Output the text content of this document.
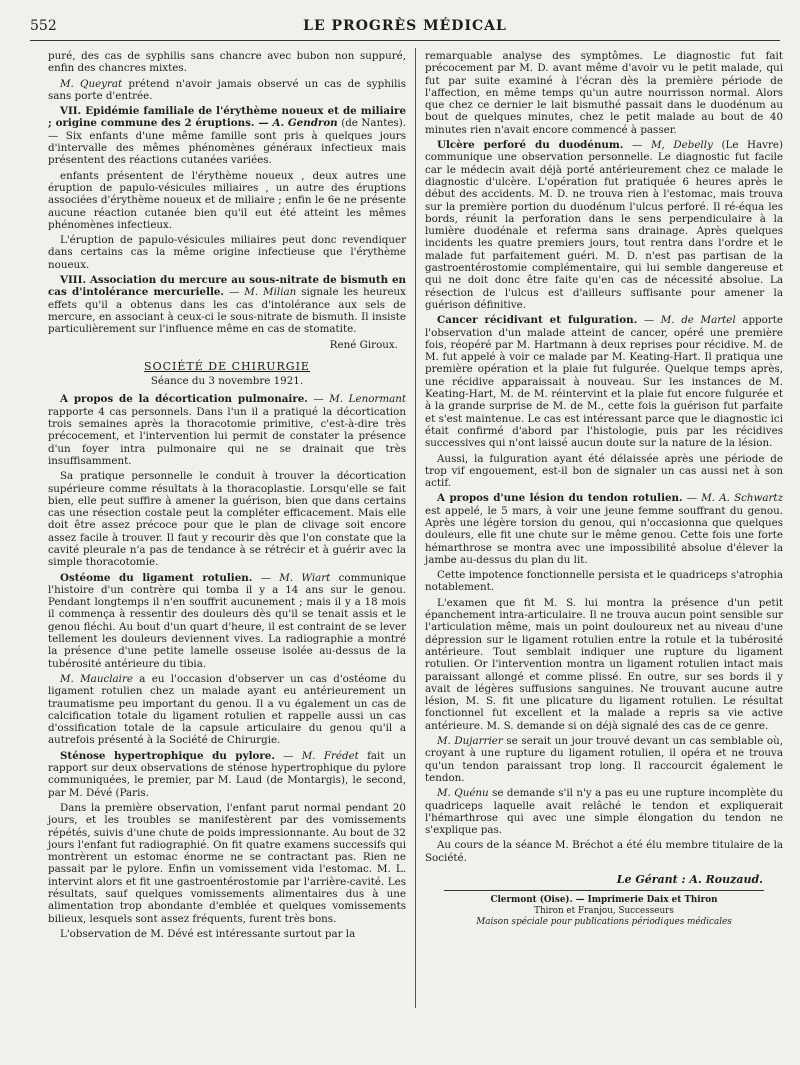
552	LE PROGRÈS MÉDICAL

puré, des cas de syphilis sans chancre avec bubon non suppuré, enfin des chancres mixtes.

M. Queyrat prétend n'avoir jamais observé un cas de syphilis sans porte d'entrée.

VII. Epidémie familiale de l'érythème noueux et de miliaire ; origine commune des 2 éruptions. — A. Gendron (de Nantes). — Six enfants d'une même famille sont pris à quelques jours d'intervalle des mêmes phénomènes généraux infectieux mais présentent des réactions cutanées variées.

enfants présentent de l'érythème noueux , deux autres une éruption de papulo-vésicules miliaires , un autre des éruptions associées d'érythème noueux et de miliaire ; enfin le 6e ne présente aucune réaction cutanée bien qu'il eut été atteint les mêmes phénomènes infectieux.

L'éruption de papulo-vésicules miliaires peut donc revendiquer dans certains cas la même origine infectieuse que l'érythème noueux.

VIII. Association du mercure au sous-nitrate de bismuth en cas d'intolérance mercurielle. — M. Milian signale les heureux effets qu'il a obtenus dans les cas d'intolérance aux sels de mercure, en associant à ceux-ci le sous-nitrate de bismuth. Il insiste particulièrement sur l'influence même en cas de stomatite.

René Giroux.

SOCIÉTÉ DE CHIRURGIE
Séance du 3 novembre 1921.

A propos de la décortication pulmonaire. — M. Lenormant rapporte 4 cas personnels. Dans l'un il a pratiqué la décortication trois semaines après la thoracotomie primitive, c'est-à-dire très précocement, et l'intervention lui permit de constater la présence d'un foyer intra pulmonaire qui ne se drainait que très insuffisamment.

Sa pratique personnelle le conduit à trouver la décortication supérieure comme résultats à la thoracoplastie. Lorsqu'elle se fait bien, elle peut suffire à amener la guérison, bien que dans certains cas une résection costale peut la compléter efficacement. Mais elle doit être assez précoce pour que le plan de clivage soit encore assez facile à trouver. Il faut y recourir dès que l'on constate que la cavité pleurale n'a pas de tendance à se rétrécir et à guérir avec la simple thoracotomie.

Ostéome du ligament rotulien. — M. Wiart communique l'histoire d'un contrère qui tomba il y a 14 ans sur le genou. Pendant longtemps il n'en souffrit aucunement ; mais il y a 18 mois il commença à ressentir des douleurs dès qu'il se tenait assis et le genou fléchi. Au bout d'un quart d'heure, il est contraint de se lever tellement les douleurs deviennent vives. La radiographie a montré la présence d'une petite lamelle osseuse isolée au-dessus de la tubérosité antérieure du tibia.

M. Mauclaire a eu l'occasion d'observer un cas d'ostéome du ligament rotulien chez un malade ayant eu antérieurement un traumatisme peu important du genou. Il a vu également un cas de calcification totale du ligament rotulien et rappelle aussi un cas d'ossification totale de la capsule articulaire du genou qu'il a autrefois présenté à la Société de Chirurgie.

Sténose hypertrophique du pylore. — M. Frédet fait un rapport sur deux observations de sténose hypertrophique du pylore communiquées, le premier, par M. Laud (de Montargis), le second, par M. Dévé (Paris.

Dans la première observation, l'enfant parut normal pendant 20 jours, et les troubles se manifestèrent par des vomissements répétés, suivis d'une chute de poids impressionnante. Au bout de 32 jours l'enfant fut radiographié. On fit quatre examens successifs qui montrèrent un estomac énorme ne se contractant pas. Rien ne passait par le pylore. Enfin un vomissement vida l'estomac. M. L. intervint alors et fit une gastroentérostomie par l'arrière-cavité. Les résultats, sauf quelques vomissements alimentaires dus à une alimentation trop abondante d'emblée et quelques vomissements bilieux, lesquels sont assez fréquents, furent très bons.

L'observation de M. Dévé est intéressante surtout par la

remarquable analyse des symptômes. Le diagnostic fut fait précocement par M. D. avant même d'avoir vu le petit malade, qui fut par suite examiné à l'écran dès la première période de l'affection, en même temps qu'un autre nourrisson normal. Alors que chez ce dernier le lait bismuthé passait dans le duodénum au bout de quelques minutes, chez le petit malade au bout de 40 minutes rien n'avait encore commencé à passer.

Ulcère perforé du duodénum. — M, Debelly (Le Havre) communique une observation personnelle. Le diagnostic fut facile car le médecin avait déjà porté antérieurement chez ce malade le diagnostic d'ulcère. L'opération fut pratiquée 6 heures après le début des accidents. M. D. ne trouva rien à l'estomac, mais trouva sur la première portion du duodénum l'ulcus perforé. Il ré-équa les bords, réunit la perforation dans le sens perpendiculaire à la lumière duodénale et referma sans drainage. Après quelques incidents les quatre premiers jours, tout rentra dans l'ordre et le malade fut parfaitement guéri. M. D. n'est pas partisan de la gastroentérostomie complémentaire, qui lui semble dangereuse et qui ne doit donc être faite qu'en cas de nécessité absolue. La résection de l'ulcus est d'ailleurs suffisante pour amener la guérison définitive.

Cancer récidivant et fulguration. — M. de Martel apporte l'observation d'un malade atteint de cancer, opéré une première fois, réopéré par M. Hartmann à deux reprises pour récidive. M. de M. fut appelé à voir ce malade par M. Keating-Hart. Il pratiqua une première opération et la plaie fut fulgurée. Quelque temps après, une récidive apparaissait à nouveau. Sur les instances de M. Keating-Hart, M. de M. réintervint et la plaie fut encore fulgurée et à la grande surprise de M. de M., cette fois la guérison fut parfaite et s'est maintenue. Le cas est intéressant parce que le diagnostic ici était confirmé d'abord par l'histologie, puis par les récidives successives qui n'ont laissé aucun doute sur la nature de la lésion.

Aussi, la fulguration ayant été délaissée après une période de trop vif engouement, est-il bon de signaler un cas aussi net à son actif.

A propos d'une lésion du tendon rotulien. — M. A. Schwartz est appelé, le 5 mars, à voir une jeune femme souffrant du genou. Après une légère torsion du genou, qui n'occasionna que quelques douleurs, elle fit une chute sur le même genou. Cette fois une forte hémarthrose se montra avec une impossibilité absolue d'élever la jambe au-dessus du plan du lit.

Cette impotence fonctionnelle persista et le quadriceps s'atrophia notablement.

L'examen que fit M. S. lui montra la présence d'un petit épanchement intra-articulaire. Il ne trouva aucun point sensible sur l'articulation même, mais un point douloureux net au niveau d'une dépression sur le ligament rotulien entre la rotule et la tubérosité antérieure. Tout semblait indiquer une rupture du ligament rotulien. Or l'intervention montra un ligament rotulien intact mais paraissant allongé et comme plissé. En outre, sur ses bords il y avait de légères suffusions sanguines. Ne trouvant aucune autre lésion, M. S. fit une plicature du ligament rotulien. Le résultat fonctionnel fut excellent et la malade a repris sa vie active antérieure. M. S. demande si on déjà signalé des cas de ce genre.

M. Dujarrier se serait un jour trouvé devant un cas semblable où, croyant à une rupture du ligament rotulien, il opéra et ne trouva qu'un tendon paraissant trop long. Il raccourcit également le tendon.

M. Quénu se demande s'il n'y a pas eu une rupture incomplète du quadriceps laquelle avait relâché le tendon et expliquerait l'hémarthrose qui avec une simple élongation du tendon ne s'explique pas.

Au cours de la séance M. Bréchot a été élu membre titulaire de la Société.

Le Gérant : A. Rouzaud.
Clermont (Oise). — Imprimerie Daix et Thiron
Thiron et Franjou, Successeurs
Maison spéciale pour publications périodiques médicales
